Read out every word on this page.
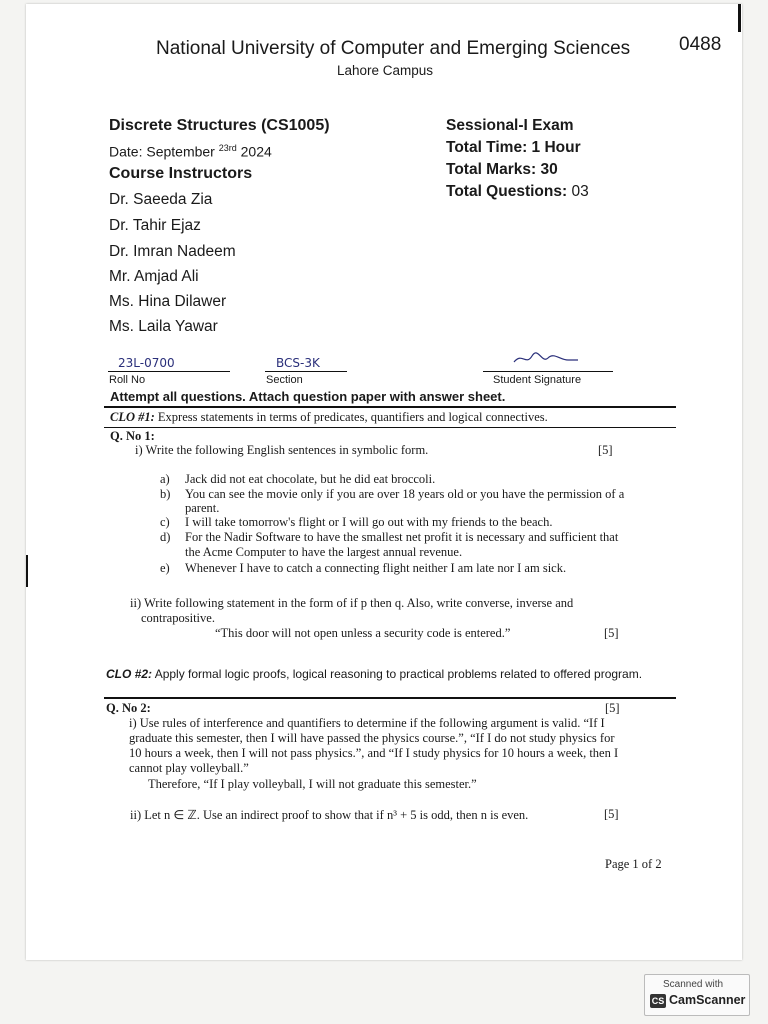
National University of Computer and Emerging Sciences
Lahore Campus
0488
Discrete Structures (CS1005)
Date: September $^{23rd}$ 2024
Course Instructors
Dr. Saeeda Zia
Dr. Tahir Ejaz
Dr. Imran Nadeem
Mr. Amjad Ali
Ms. Hina Dilawer
Ms. Laila Yawar
Sessional-I Exam
Total Time: 1 Hour
Total Marks: 30
Total Questions: 03
23L-0700
Roll No
BCS-3K
Section	Student Signature
Attempt all questions. Attach question paper with answer sheet.
CLO #1: Express statements in terms of predicates, quantifiers and logical connectives.
Q. No 1:
i) Write the following English sentences in symbolic form.	[5]
a) Jack did not eat chocolate, but he did eat broccoli.
b) You can see the movie only if you are over 18 years old or you have the permission of a
parent.
c) I will take tomorrow's flight or I will go out with my friends to the beach.
d) For the Nadir Software to have the smallest net profit it is necessary and sufficient that
the Acme Computer to have the largest annual revenue.
e) Whenever I have to catch a connecting flight neither I am late nor I am sick.
ii) Write following statement in the form of if p then q. Also, write converse, inverse and
contrapositive.
“This door will not open unless a security code is entered.”	[5]
CLO #2: Apply formal logic proofs, logical reasoning to practical problems related to offered program.
Q. No 2:	[5]
i) Use rules of interference and quantifiers to determine if the following argument is valid. “If I
graduate this semester, then I will have passed the physics course.”, “If I do not study physics for
10 hours a week, then I will not pass physics.”, and “If I study physics for 10 hours a week, then I
cannot play volleyball.”
Therefore, “If I play volleyball, I will not graduate this semester.”
ii) Let n ∈ ℤ. Use an indirect proof to show that if n³ + 5 is odd, then n is even.	[5]
Page 1 of 2
Scanned with
CS CamScanner
